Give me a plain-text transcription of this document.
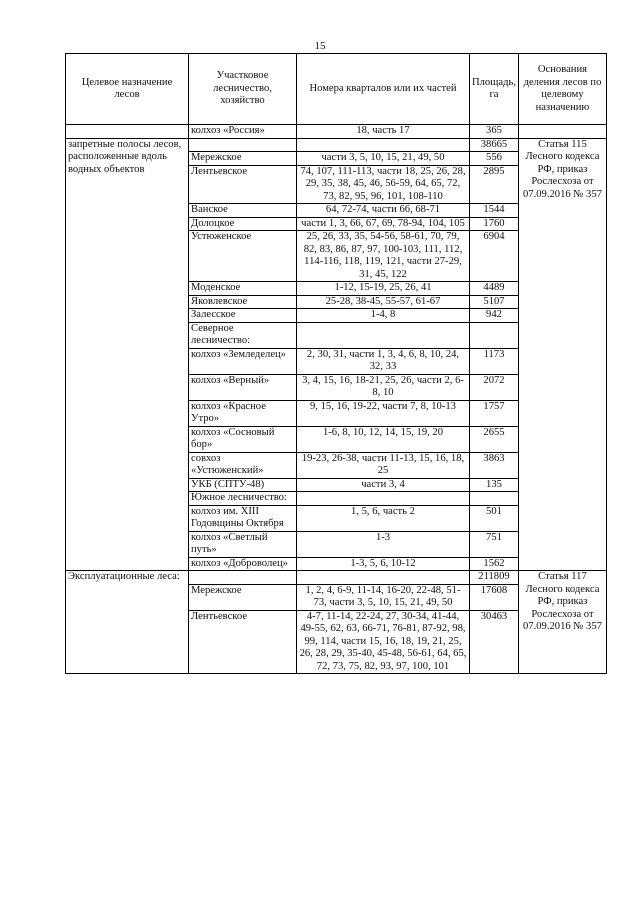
15
Целевое назначение лесов	Участковое лесничество, хозяйство	Номера кварталов или их частей	Площадь, га	Основания деления лесов по целевому назначению
	колхоз «Россия»	18, часть 17	365	
запретные полосы лесов, расположенные вдоль водных объектов			38665	Статья 115 Лесного кодекса РФ, приказ Рослесхоза от 07.09.2016 № 357
	Мережское	части 3, 5, 10, 15, 21, 49, 50	556	
	Лентьевское	74, 107, 111-113, части 18, 25, 26, 28, 29, 35, 38, 45, 46, 56-59, 64, 65, 72, 73, 82, 95, 96, 101, 108-110	2895	
	Ванское	64, 72-74, части 66, 68-71	1544	
	Долоцкое	части 1, 3, 66, 67, 69, 78-94, 104, 105	1760	
	Устюженское	25, 26, 33, 35, 54-56, 58-61, 70, 79, 82, 83, 86, 87, 97, 100-103, 111, 112, 114-116, 118, 119, 121, части 27-29, 31, 45, 122	6904	
	Моденское	1-12, 15-19, 25, 26, 41	4489	
	Яковлевское	25-28, 38-45, 55-57, 61-67	5107	
	Залесское	1-4, 8	942	
	Северное лесничество:			
	колхоз «Земледелец»	2, 30, 31, части 1, 3, 4, 6, 8, 10, 24, 32, 33	1173	
	колхоз «Верный»	3, 4, 15, 16, 18-21, 25, 26, части 2, 6-8, 10	2072	
	колхоз «Красное Утро»	9, 15, 16, 19-22, части 7, 8, 10-13	1757	
	колхоз «Сосновый бор»	1-6, 8, 10, 12, 14, 15, 19, 20	2655	
	совхоз «Устюженский»	19-23, 26-38, части 11-13, 15, 16, 18, 25	3863	
	УКБ (СПТУ-48)	части 3, 4	135	
	Южное лесничество:			
	колхоз им. XIII Годовщины Октября	1, 5, 6, часть 2	501	
	колхоз «Светлый путь»	1-3	751	
	колхоз «Доброволец»	1-3, 5, 6, 10-12	1562	
Эксплуатационные леса:			211809	Статья 117 Лесного кодекса РФ, приказ Рослесхоза от 07.09.2016 № 357
	Мережское	1, 2, 4, 6-9, 11-14, 16-20, 22-48, 51-73, части 3, 5, 10, 15, 21, 49, 50	17608	
	Лентьевское	4-7, 11-14, 22-24, 27, 30-34, 41-44, 49-55, 62, 63, 66-71, 76-81, 87-92, 98, 99, 114, части 15, 16, 18, 19, 21, 25, 26, 28, 29, 35-40, 45-48, 56-61, 64, 65, 72, 73, 75, 82, 93, 97, 100, 101	30463	
